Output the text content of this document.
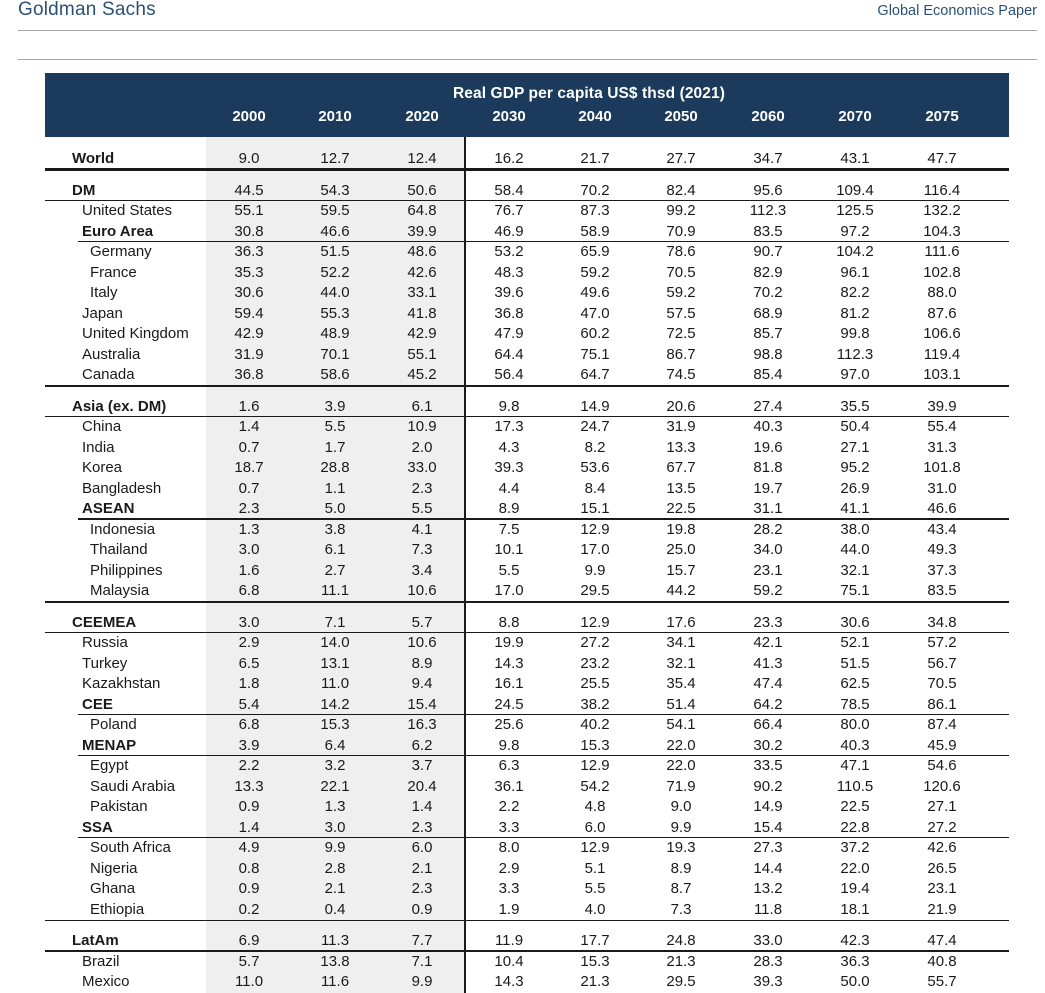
Goldman Sachs	Global Economics Paper
Real GDP per capita US$ thsd (2021)
2000	2010	2020	2030	2040	2050	2060	2070	2075
World	9.0	12.7	12.4	16.2	21.7	27.7	34.7	43.1	47.7
DM	44.5	54.3	50.6	58.4	70.2	82.4	95.6	109.4	116.4
United States	55.1	59.5	64.8	76.7	87.3	99.2	112.3	125.5	132.2
Euro Area	30.8	46.6	39.9	46.9	58.9	70.9	83.5	97.2	104.3
Germany	36.3	51.5	48.6	53.2	65.9	78.6	90.7	104.2	111.6
France	35.3	52.2	42.6	48.3	59.2	70.5	82.9	96.1	102.8
Italy	30.6	44.0	33.1	39.6	49.6	59.2	70.2	82.2	88.0
Japan	59.4	55.3	41.8	36.8	47.0	57.5	68.9	81.2	87.6
United Kingdom	42.9	48.9	42.9	47.9	60.2	72.5	85.7	99.8	106.6
Australia	31.9	70.1	55.1	64.4	75.1	86.7	98.8	112.3	119.4
Canada	36.8	58.6	45.2	56.4	64.7	74.5	85.4	97.0	103.1
Asia (ex. DM)	1.6	3.9	6.1	9.8	14.9	20.6	27.4	35.5	39.9
China	1.4	5.5	10.9	17.3	24.7	31.9	40.3	50.4	55.4
India	0.7	1.7	2.0	4.3	8.2	13.3	19.6	27.1	31.3
Korea	18.7	28.8	33.0	39.3	53.6	67.7	81.8	95.2	101.8
Bangladesh	0.7	1.1	2.3	4.4	8.4	13.5	19.7	26.9	31.0
ASEAN	2.3	5.0	5.5	8.9	15.1	22.5	31.1	41.1	46.6
Indonesia	1.3	3.8	4.1	7.5	12.9	19.8	28.2	38.0	43.4
Thailand	3.0	6.1	7.3	10.1	17.0	25.0	34.0	44.0	49.3
Philippines	1.6	2.7	3.4	5.5	9.9	15.7	23.1	32.1	37.3
Malaysia	6.8	11.1	10.6	17.0	29.5	44.2	59.2	75.1	83.5
CEEMEA	3.0	7.1	5.7	8.8	12.9	17.6	23.3	30.6	34.8
Russia	2.9	14.0	10.6	19.9	27.2	34.1	42.1	52.1	57.2
Turkey	6.5	13.1	8.9	14.3	23.2	32.1	41.3	51.5	56.7
Kazakhstan	1.8	11.0	9.4	16.1	25.5	35.4	47.4	62.5	70.5
CEE	5.4	14.2	15.4	24.5	38.2	51.4	64.2	78.5	86.1
Poland	6.8	15.3	16.3	25.6	40.2	54.1	66.4	80.0	87.4
MENAP	3.9	6.4	6.2	9.8	15.3	22.0	30.2	40.3	45.9
Egypt	2.2	3.2	3.7	6.3	12.9	22.0	33.5	47.1	54.6
Saudi Arabia	13.3	22.1	20.4	36.1	54.2	71.9	90.2	110.5	120.6
Pakistan	0.9	1.3	1.4	2.2	4.8	9.0	14.9	22.5	27.1
SSA	1.4	3.0	2.3	3.3	6.0	9.9	15.4	22.8	27.2
South Africa	4.9	9.9	6.0	8.0	12.9	19.3	27.3	37.2	42.6
Nigeria	0.8	2.8	2.1	2.9	5.1	8.9	14.4	22.0	26.5
Ghana	0.9	2.1	2.3	3.3	5.5	8.7	13.2	19.4	23.1
Ethiopia	0.2	0.4	0.9	1.9	4.0	7.3	11.8	18.1	21.9
LatAm	6.9	11.3	7.7	11.9	17.7	24.8	33.0	42.3	47.4
Brazil	5.7	13.8	7.1	10.4	15.3	21.3	28.3	36.3	40.8
Mexico	11.0	11.6	9.9	14.3	21.3	29.5	39.3	50.0	55.7
